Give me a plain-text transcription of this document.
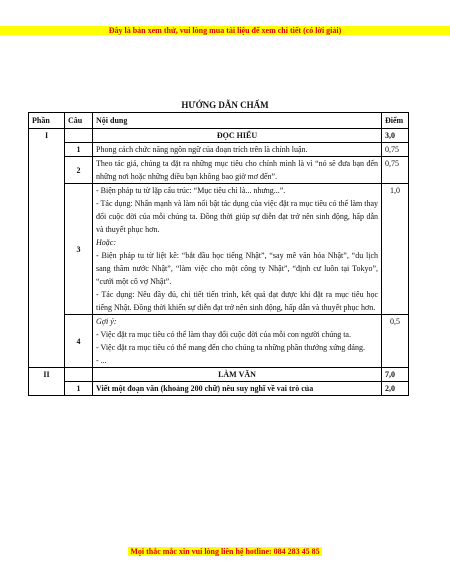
Đây là bản xem thử, vui lòng mua tài liệu để xem chi tiết (có lời giải)
HƯỚNG DẪN CHẤM
Phần	Câu	Nội dung	Điểm
I		ĐỌC HIỂU	3,0
	1	Phong cách chức năng ngôn ngữ của đoạn trích trên là chính luận.	0,75
	2	Theo tác giả, chúng ta đặt ra những mục tiêu cho chính mình là vì “nó sẽ đưa bạn đến những nơi hoặc những điều bạn không bao giờ mơ đến”.	0,75
	3	- Biện pháp tu từ lặp cấu trúc: “Mục tiêu chỉ là... nhưng...”.

- Tác dụng: Nhấn mạnh và làm nổi bật tác dụng của việc đặt ra mục tiêu có thể làm thay đổi cuộc đời của mỗi chúng ta. Đồng thời giúp sự diễn đạt trở nên sinh động, hấp dẫn và thuyết phục hơn.

Hoặc:

- Biện pháp tu từ liệt kê: “bắt đầu học tiếng Nhật”, “say mê văn hóa Nhật”, “du lịch sang thăm nước Nhật”, “làm việc cho một công ty Nhật”, “định cư luôn tại Tokyo”, “cưới một cô vợ Nhật”.

- Tác dụng: Nêu đầy đủ, chi tiết tiến trình, kết quả đạt được khi đặt ra mục tiêu học tiếng Nhật. Đồng thời khiến sự diễn đạt trở nên sinh động, hấp dẫn và thuyết phục hơn.	1,0
	4	Gợi ý:

- Việc đặt ra mục tiêu có thể làm thay đổi cuộc đời của mỗi con người chúng ta.

- Việc đặt ra mục tiêu có thể mang đến cho chúng ta những phần thưởng xứng đáng.

- ...	0,5
II		LÀM VĂN	7,0
	1	Viết một đoạn văn (khoảng 200 chữ) nêu suy nghĩ về vai trò của	2,0
Mọi thắc mắc xin vui lòng liên hệ hotline: 084 283 45 85
